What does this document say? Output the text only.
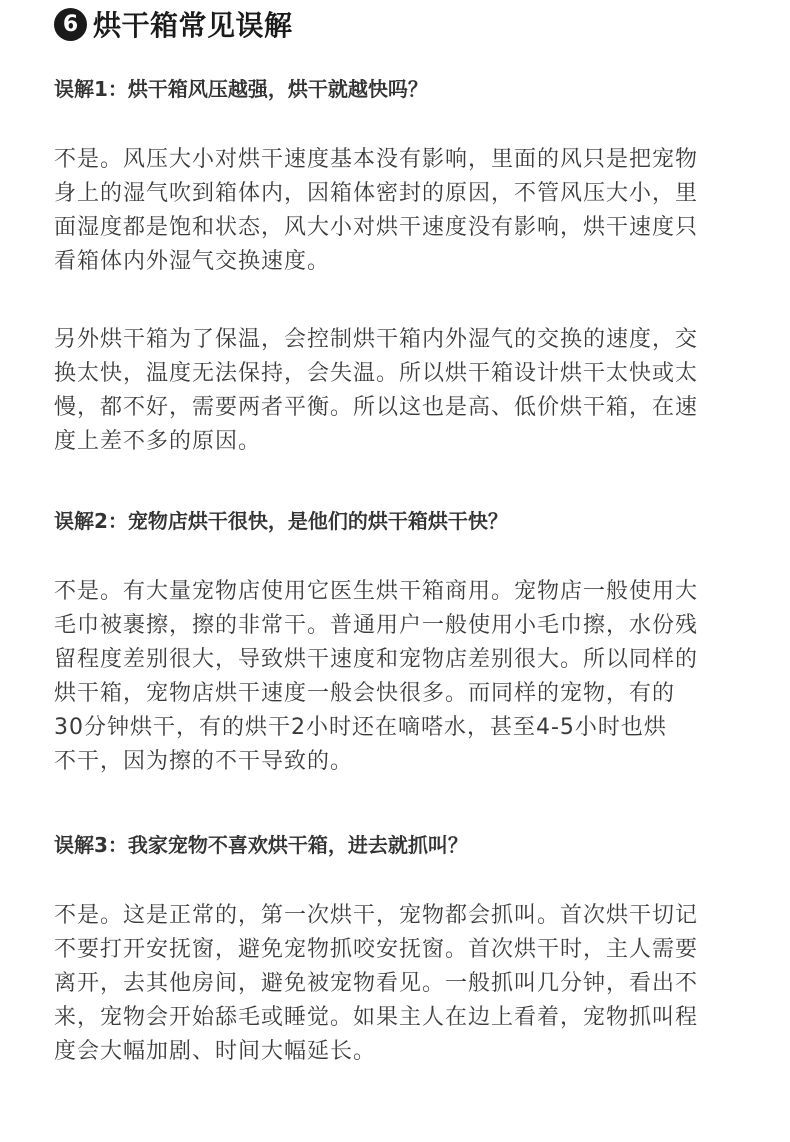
6 烘干箱常见误解
误解1：烘干箱风压越强，烘干就越快吗？
不是。风压大小对烘干速度基本没有影响，里面的风只是把宠物
身上的湿气吹到箱体内，因箱体密封的原因，不管风压大小，里
面湿度都是饱和状态，风大小对烘干速度没有影响，烘干速度只
看箱体内外湿气交换速度。
另外烘干箱为了保温，会控制烘干箱内外湿气的交换的速度，交
换太快，温度无法保持，会失温。所以烘干箱设计烘干太快或太
慢，都不好，需要两者平衡。所以这也是高、低价烘干箱，在速
度上差不多的原因。
误解2：宠物店烘干很快，是他们的烘干箱烘干快？
不是。有大量宠物店使用它医生烘干箱商用。宠物店一般使用大
毛巾被裹擦，擦的非常干。普通用户一般使用小毛巾擦，水份残
留程度差别很大，导致烘干速度和宠物店差别很大。所以同样的
烘干箱，宠物店烘干速度一般会快很多。而同样的宠物，有的
30分钟烘干，有的烘干2小时还在嘀嗒水，甚至4-5小时也烘
不干，因为擦的不干导致的。
误解3：我家宠物不喜欢烘干箱，进去就抓叫？
不是。这是正常的，第一次烘干，宠物都会抓叫。首次烘干切记
不要打开安抚窗，避免宠物抓咬安抚窗。首次烘干时，主人需要
离开，去其他房间，避免被宠物看见。一般抓叫几分钟，看出不
来，宠物会开始舔毛或睡觉。如果主人在边上看着，宠物抓叫程
度会大幅加剧、时间大幅延长。
